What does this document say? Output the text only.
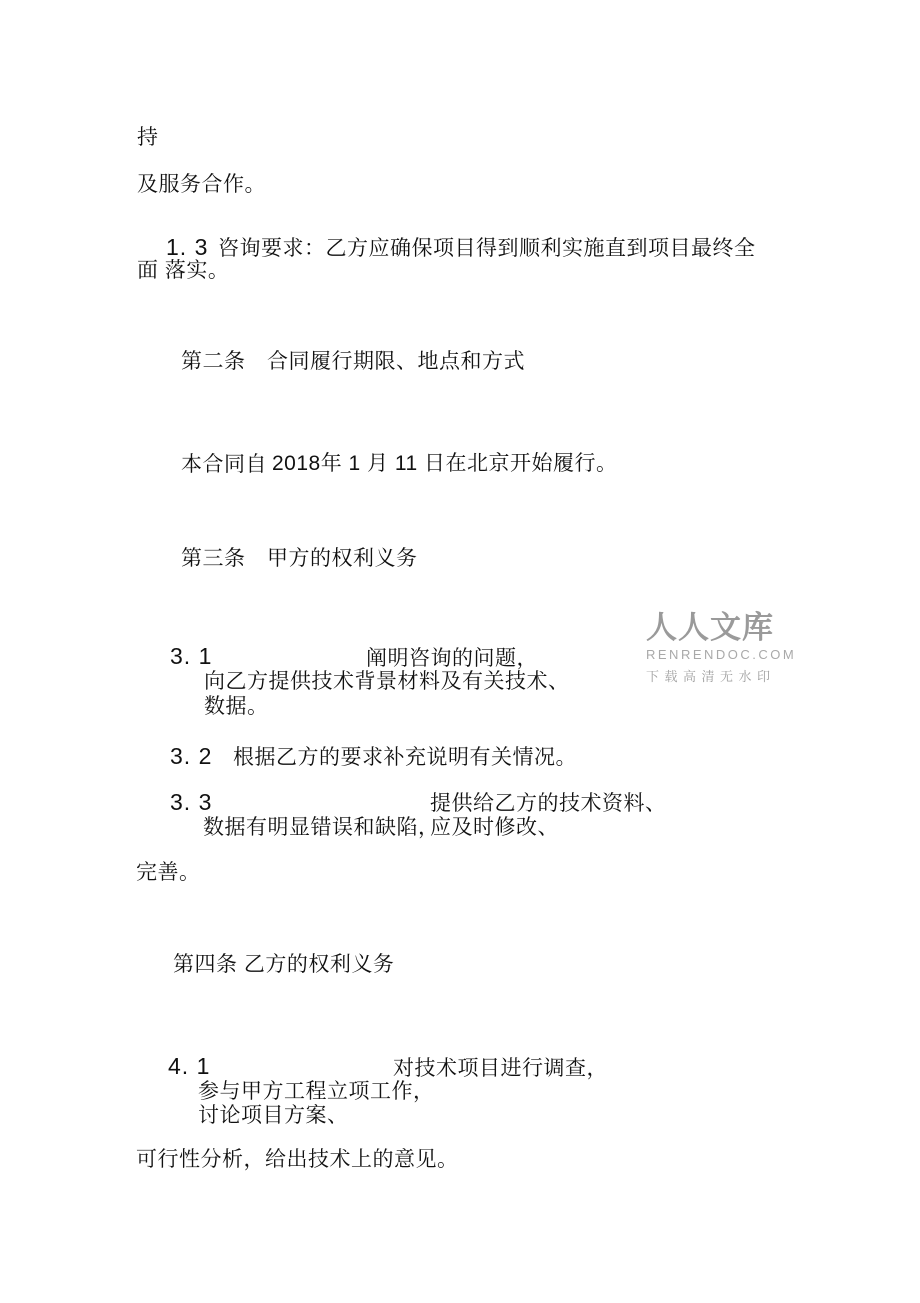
持
及服务合作。
1. 3 咨询要求：乙方应确保项目得到顺利实施直到项目最终全
面 落实。
第二条　合同履行期限、地点和方式
本合同自 2018年 1 月 11 日在北京开始履行。
第三条　甲方的权利义务
3. 1	阐明咨询的问题，
向乙方提供技术背景材料及有关技术、
数据。
3. 2 根据乙方的要求补充说明有关情况。
3. 3	提供给乙方的技术资料、
数据有明显错误和缺陷，
应及时修改、
完善。
第四条 乙方的权利义务
4. 1	对技术项目进行调查，
参与甲方工程立项工作，
讨论项目方案、
可行性分析，给出技术上的意见。
人人文库
RENRENDOC.COM
下载高清无水印
